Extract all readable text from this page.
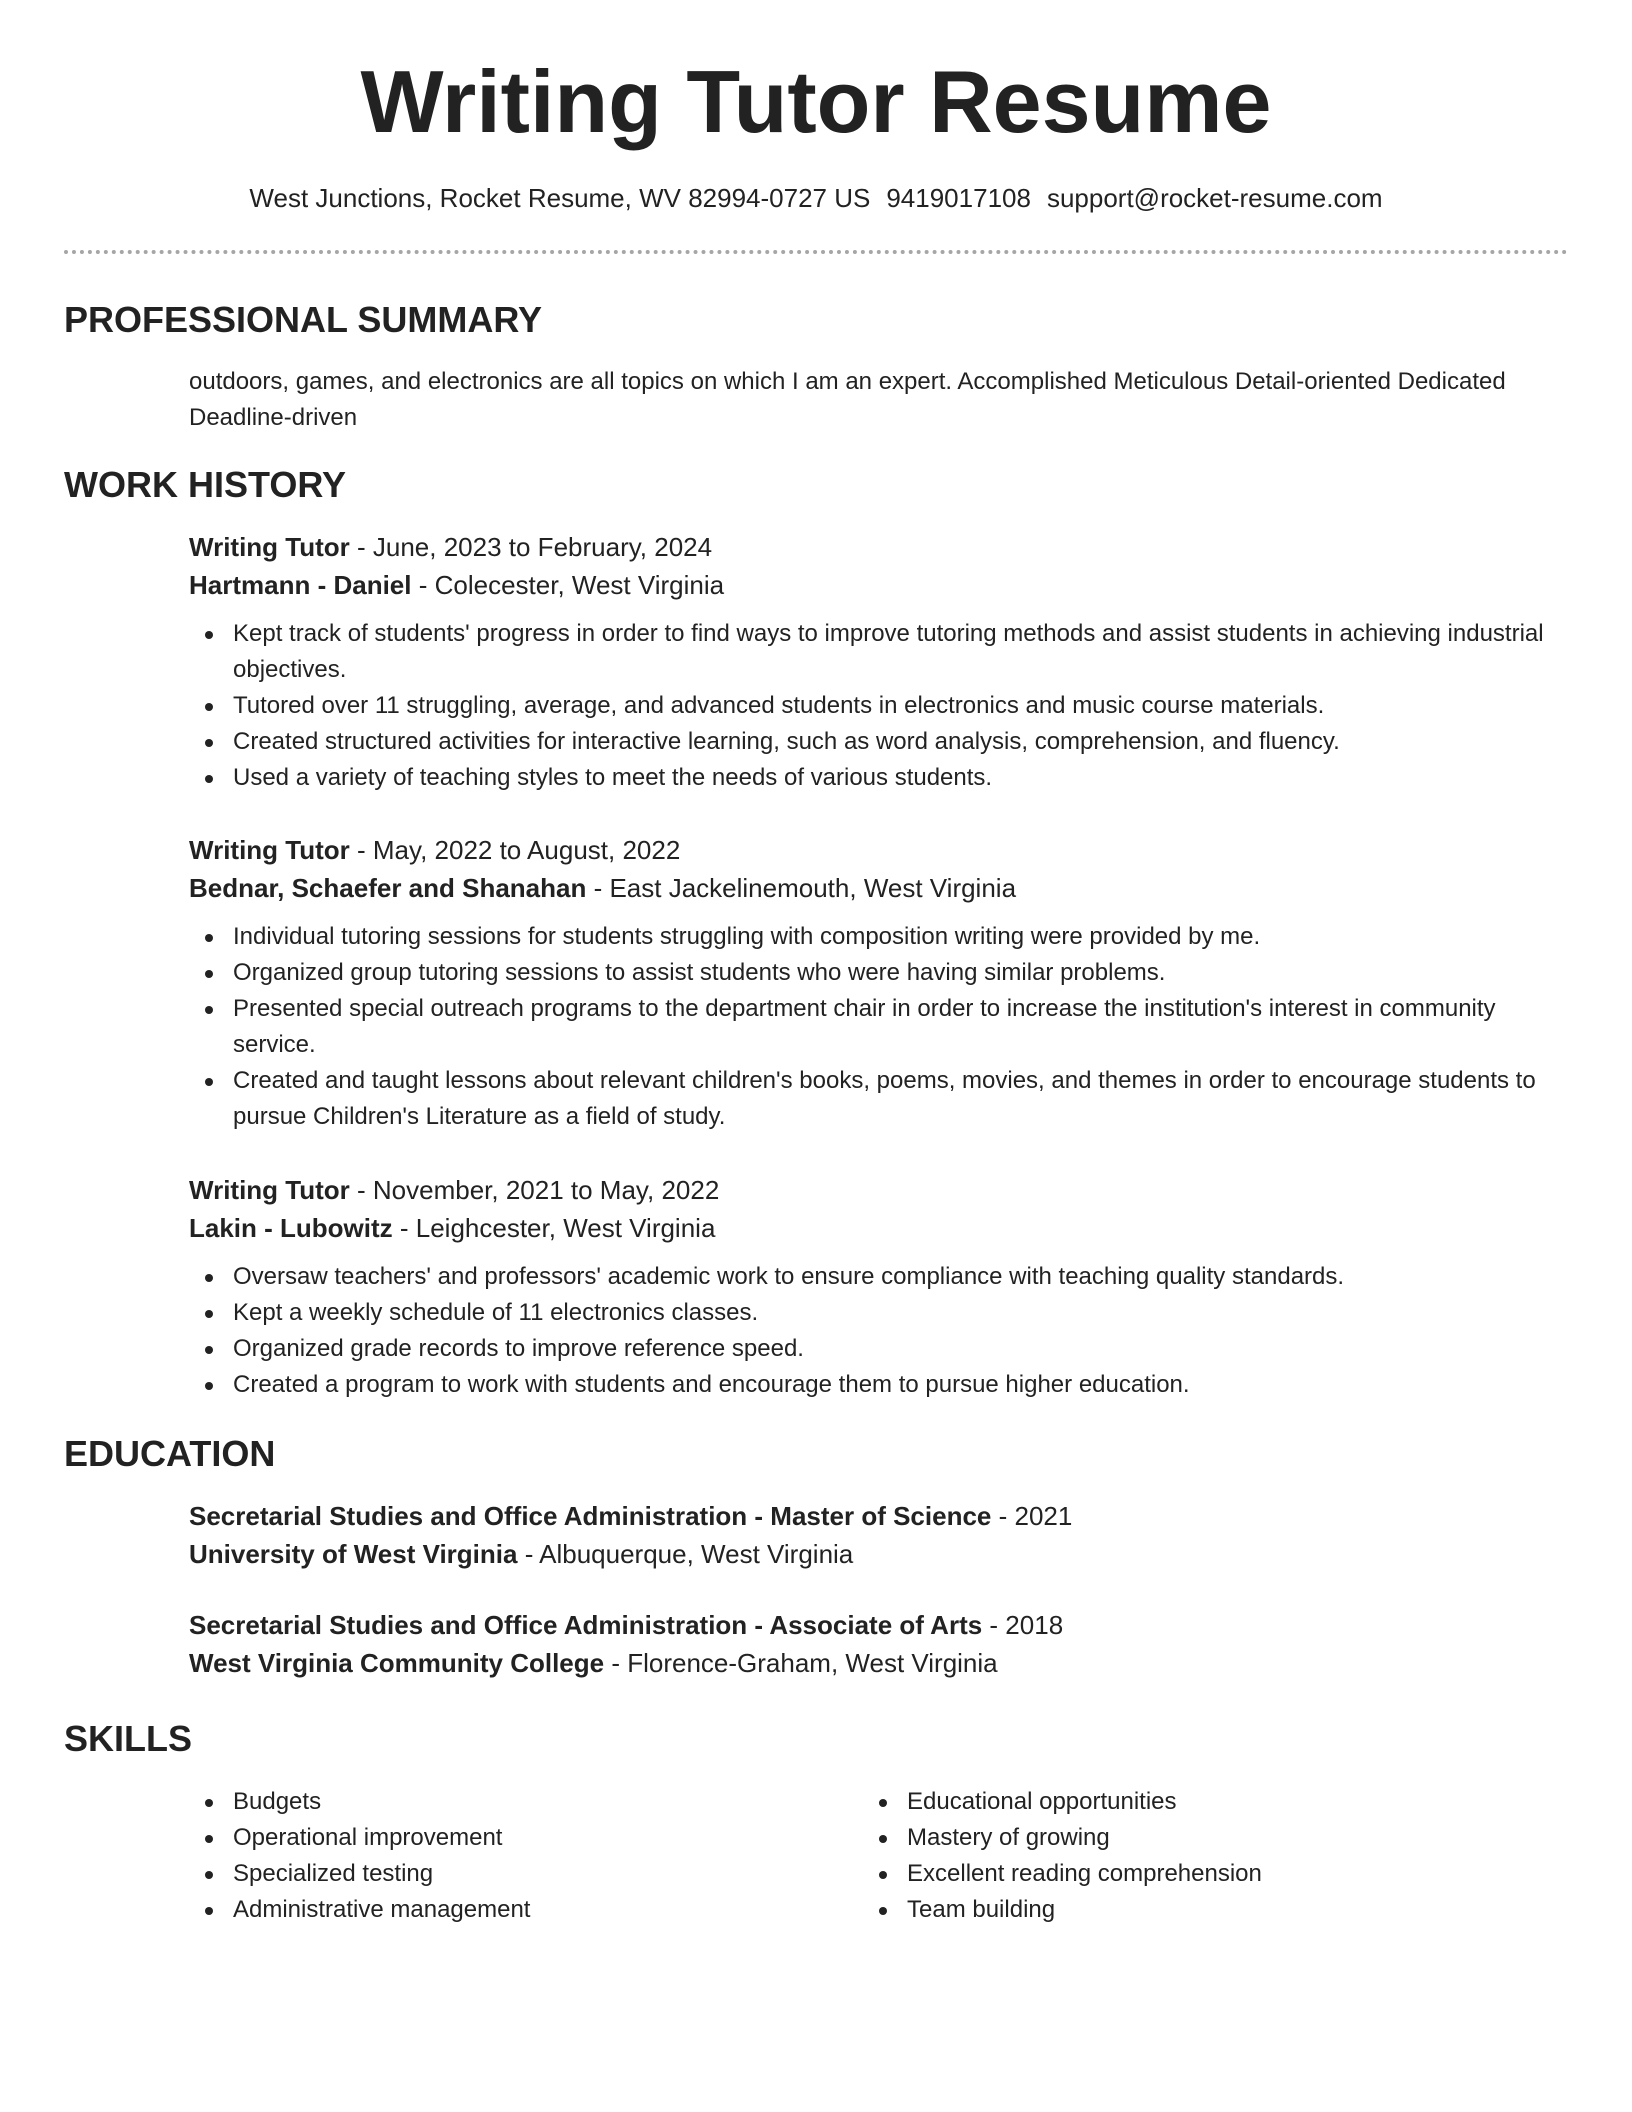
Writing Tutor Resume
West Junctions, Rocket Resume, WV 82994-0727 US 9419017108 support@rocket-resume.com
PROFESSIONAL SUMMARY

outdoors, games, and electronics are all topics on which I am an expert. Accomplished Meticulous Detail-oriented Dedicated Deadline-driven

WORK HISTORY
Writing Tutor - June, 2023 to February, 2024
Hartmann - Daniel - Colecester, West Virginia
Kept track of students' progress in order to find ways to improve tutoring methods and assist students in achieving industrial objectives.
Tutored over 11 struggling, average, and advanced students in electronics and music course materials.
Created structured activities for interactive learning, such as word analysis, comprehension, and fluency.
Used a variety of teaching styles to meet the needs of various students.
Writing Tutor - May, 2022 to August, 2022
Bednar, Schaefer and Shanahan - East Jackelinemouth, West Virginia
Individual tutoring sessions for students struggling with composition writing were provided by me.
Organized group tutoring sessions to assist students who were having similar problems.
Presented special outreach programs to the department chair in order to increase the institution's interest in community service.
Created and taught lessons about relevant children's books, poems, movies, and themes in order to encourage students to pursue Children's Literature as a field of study.
Writing Tutor - November, 2021 to May, 2022
Lakin - Lubowitz - Leighcester, West Virginia
Oversaw teachers' and professors' academic work to ensure compliance with teaching quality standards.
Kept a weekly schedule of 11 electronics classes.
Organized grade records to improve reference speed.
Created a program to work with students and encourage them to pursue higher education.
EDUCATION
Secretarial Studies and Office Administration - Master of Science - 2021
University of West Virginia - Albuquerque, West Virginia
Secretarial Studies and Office Administration - Associate of Arts - 2018
West Virginia Community College - Florence-Graham, West Virginia
SKILLS
Budgets
Operational improvement
Specialized testing
Administrative management
Educational opportunities
Mastery of growing
Excellent reading comprehension
Team building
